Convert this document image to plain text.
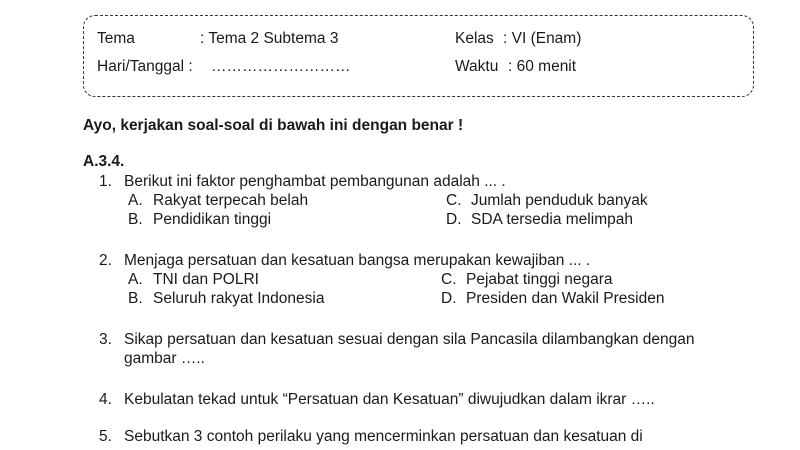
Tema	: Tema 2 Subtema 3	Kelas : VI (Enam)
Hari/Tanggal : ………………………	Waktu : 60 menit
Ayo, kerjakan soal-soal di bawah ini dengan benar !
A.3.4.
1. Berikut ini faktor penghambat pembangunan adalah ... .
A. Rakyat terpecah belah
B. Pendidikan tinggi
C. Jumlah penduduk banyak
D. SDA tersedia melimpah
2. Menjaga persatuan dan kesatuan bangsa merupakan kewajiban ... .
A. TNI dan POLRI
B. Seluruh rakyat Indonesia
C. Pejabat tinggi negara
D. Presiden dan Wakil Presiden
3. Sikap persatuan dan kesatuan sesuai dengan sila Pancasila dilambangkan dengan
gambar …..
4. Kebulatan tekad untuk “Persatuan dan Kesatuan” diwujudkan dalam ikrar …..
5. Sebutkan 3 contoh perilaku yang mencerminkan persatuan dan kesatuan di
